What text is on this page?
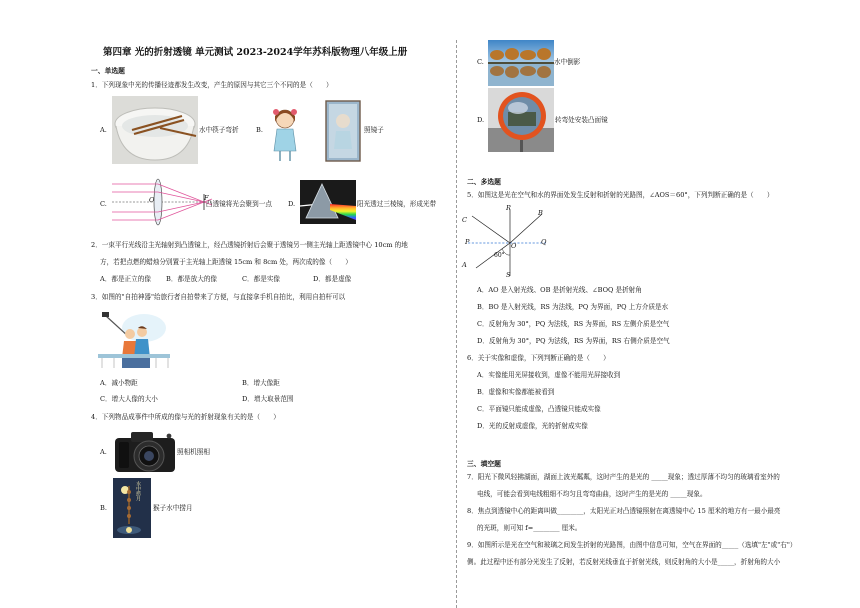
第四章 光的折射透镜 单元测试 2023-2024学年苏科版物理八年级上册
一、单选题
1．下列现象中光的传播径迹都发生改变，产生的原因与其它三个不同的是（　　）
A.	水中筷子弯折	B.	照镜子
C.	O	F
凸透镜将光会聚到一点 D.	阳光透过三棱镜，形成光带
2．一束平行光线沿主光轴射到凸透镜上，经凸透镜折射后会聚于透镜另一侧主光轴上距透镜中心 10cm 的地
方，若把点燃的蜡烛分别置于主光轴上距透镜 15cm 和 8cm 处，两次成的像（　　）
A．都是正立的像 B．都是放大的像	C．都是实像	D．都是虚像
3．如图的"自拍神器"给旅行者自拍带来了方便，与直接拿手机自拍比，利用自拍杆可以
A．减小物距	B．增大像距
C．增大人像的大小	D．增大取景范围
4．下列物品成事件中所成的像与光的折射现象有关的是（　　）
A.	照相机照相
B.
水中捞月
猴子水中捞月
C.	水中倒影
D.	转弯处安装凸面镜
二、多选题
5．如图这是光在空气和水的界面处发生反射和折射的光路图，∠AOS＝60°，下列判断正确的是（　　）
R
B
C
P	O	Q
A
S
60°
A．AO 是入射光线、OB 是折射光线、∠BOQ 是折射角
B．BO 是入射光线，RS 为法线，PQ 为界面，PQ 上方介质是水
C．反射角为 30°，PQ 为法线，RS 为界面，RS 左侧介质是空气
D．反射角为 30°，PQ 为法线，RS 为界面，RS 右侧介质是空气
6．关于实像和虚像，下列判断正确的是（　　）
A．实像能用光屏接收到，虚像不能用光屏接收到
B．虚像和实像都能被看到
C．平面镜只能成虚像，凸透镜只能成实像
D．光的反射成虚像，光的折射成实像
三、填空题
7．阳光下微风轻拂湖面，湖面上波光粼粼，这时产生的是光的 _____现象；透过厚薄不均匀的玻璃看室外的
电线，可能会看到电线粗细不均匀且弯弯曲曲，这时产生的是光的 _____现象。
8．焦点到透镜中心的距离叫做________，太阳光正对凸透镜照射在离透镜中心 15 厘米的地方有一最小最亮
的光斑，则可知 f=________ 厘米。
9．如图所示是光在空气和玻璃之间发生折射的光路图，由图中信息可知，空气在界面的_____（选填"左"或"右"）
侧。此过程中还有部分光发生了反射，若反射光线垂直于折射光线，则反射角的大小是_____，折射角的大小
